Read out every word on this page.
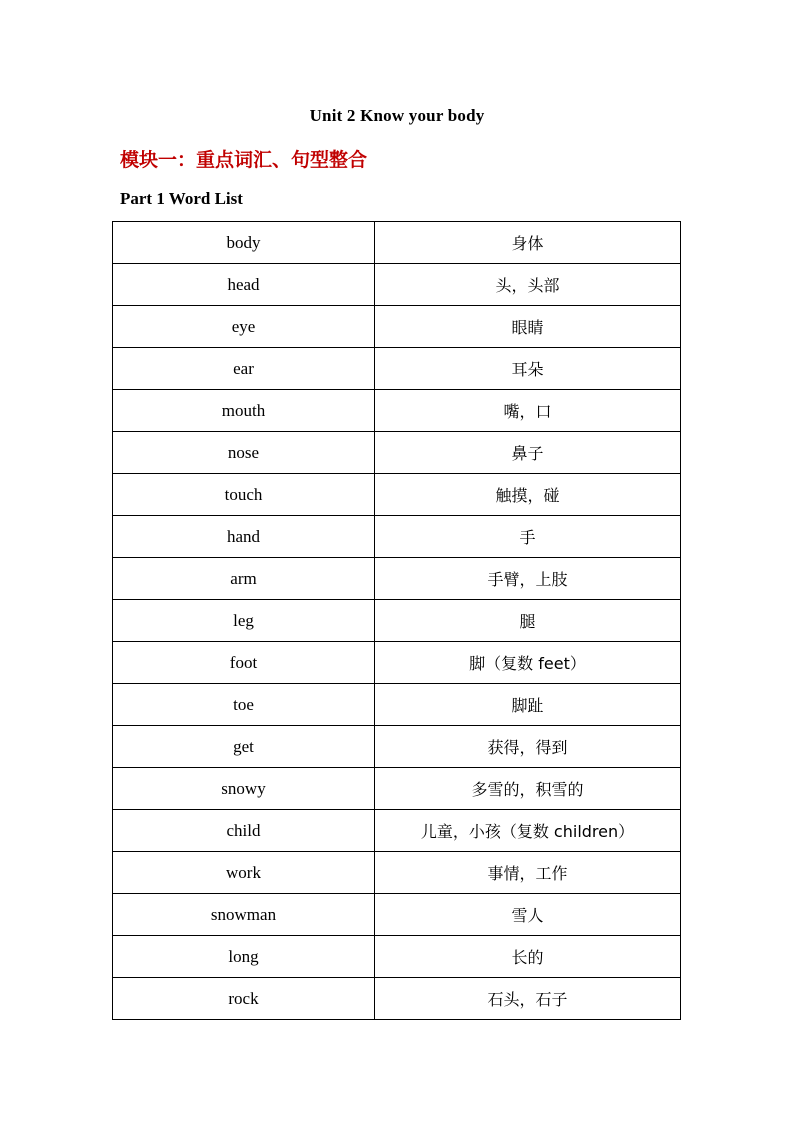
Unit 2 Know your body
模块一：重点词汇、句型整合
Part 1 Word List
body	身体
head	头，头部
eye	眼睛
ear	耳朵
mouth	嘴，口
nose	鼻子
touch	触摸，碰
hand	手
arm	手臂，上肢
leg	腿
foot	脚（复数 feet）
toe	脚趾
get	获得，得到
snowy	多雪的，积雪的
child	儿童，小孩（复数 children）
work	事情，工作
snowman	雪人
long	长的
rock	石头，石子
